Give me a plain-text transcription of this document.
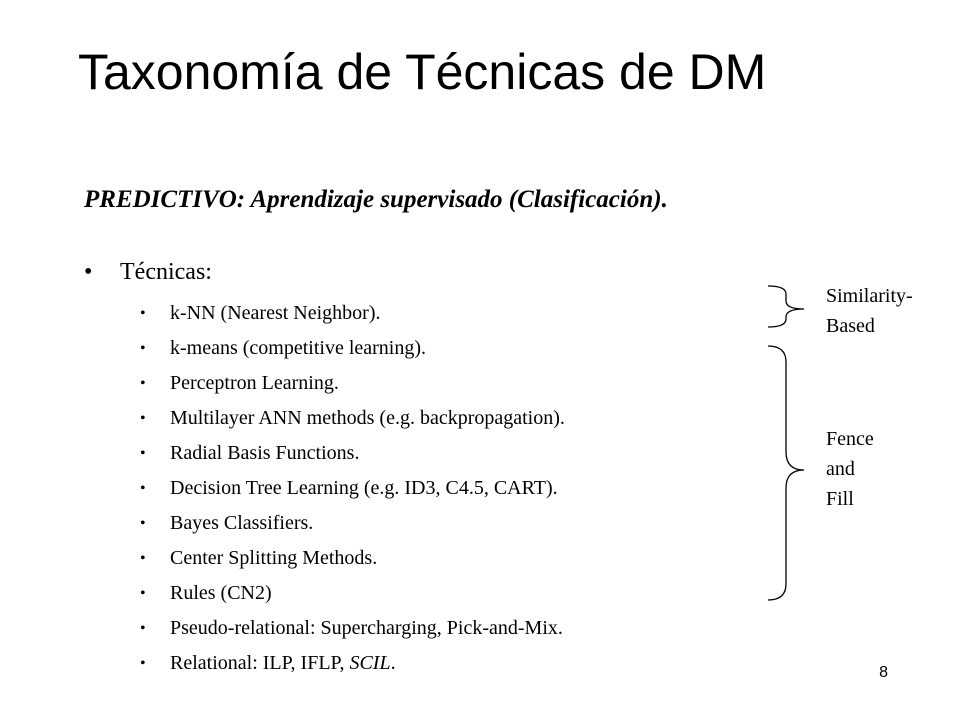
Taxonomía de Técnicas de DM

PREDICTIVO: Aprendizaje supervisado (Clasificación).

• Técnicas:
• k-NN (Nearest Neighbor).
• k-means (competitive learning).
• Perceptron Learning.
• Multilayer ANN methods (e.g. backpropagation).
• Radial Basis Functions.
• Decision Tree Learning (e.g. ID3, C4.5, CART).
• Bayes Classifiers.
• Center Splitting Methods.
• Rules (CN2)
• Pseudo-relational: Supercharging, Pick-and-Mix.
• Relational: ILP, IFLP, SCIL.
Similarity-
Based
Fence
and
Fill
8
